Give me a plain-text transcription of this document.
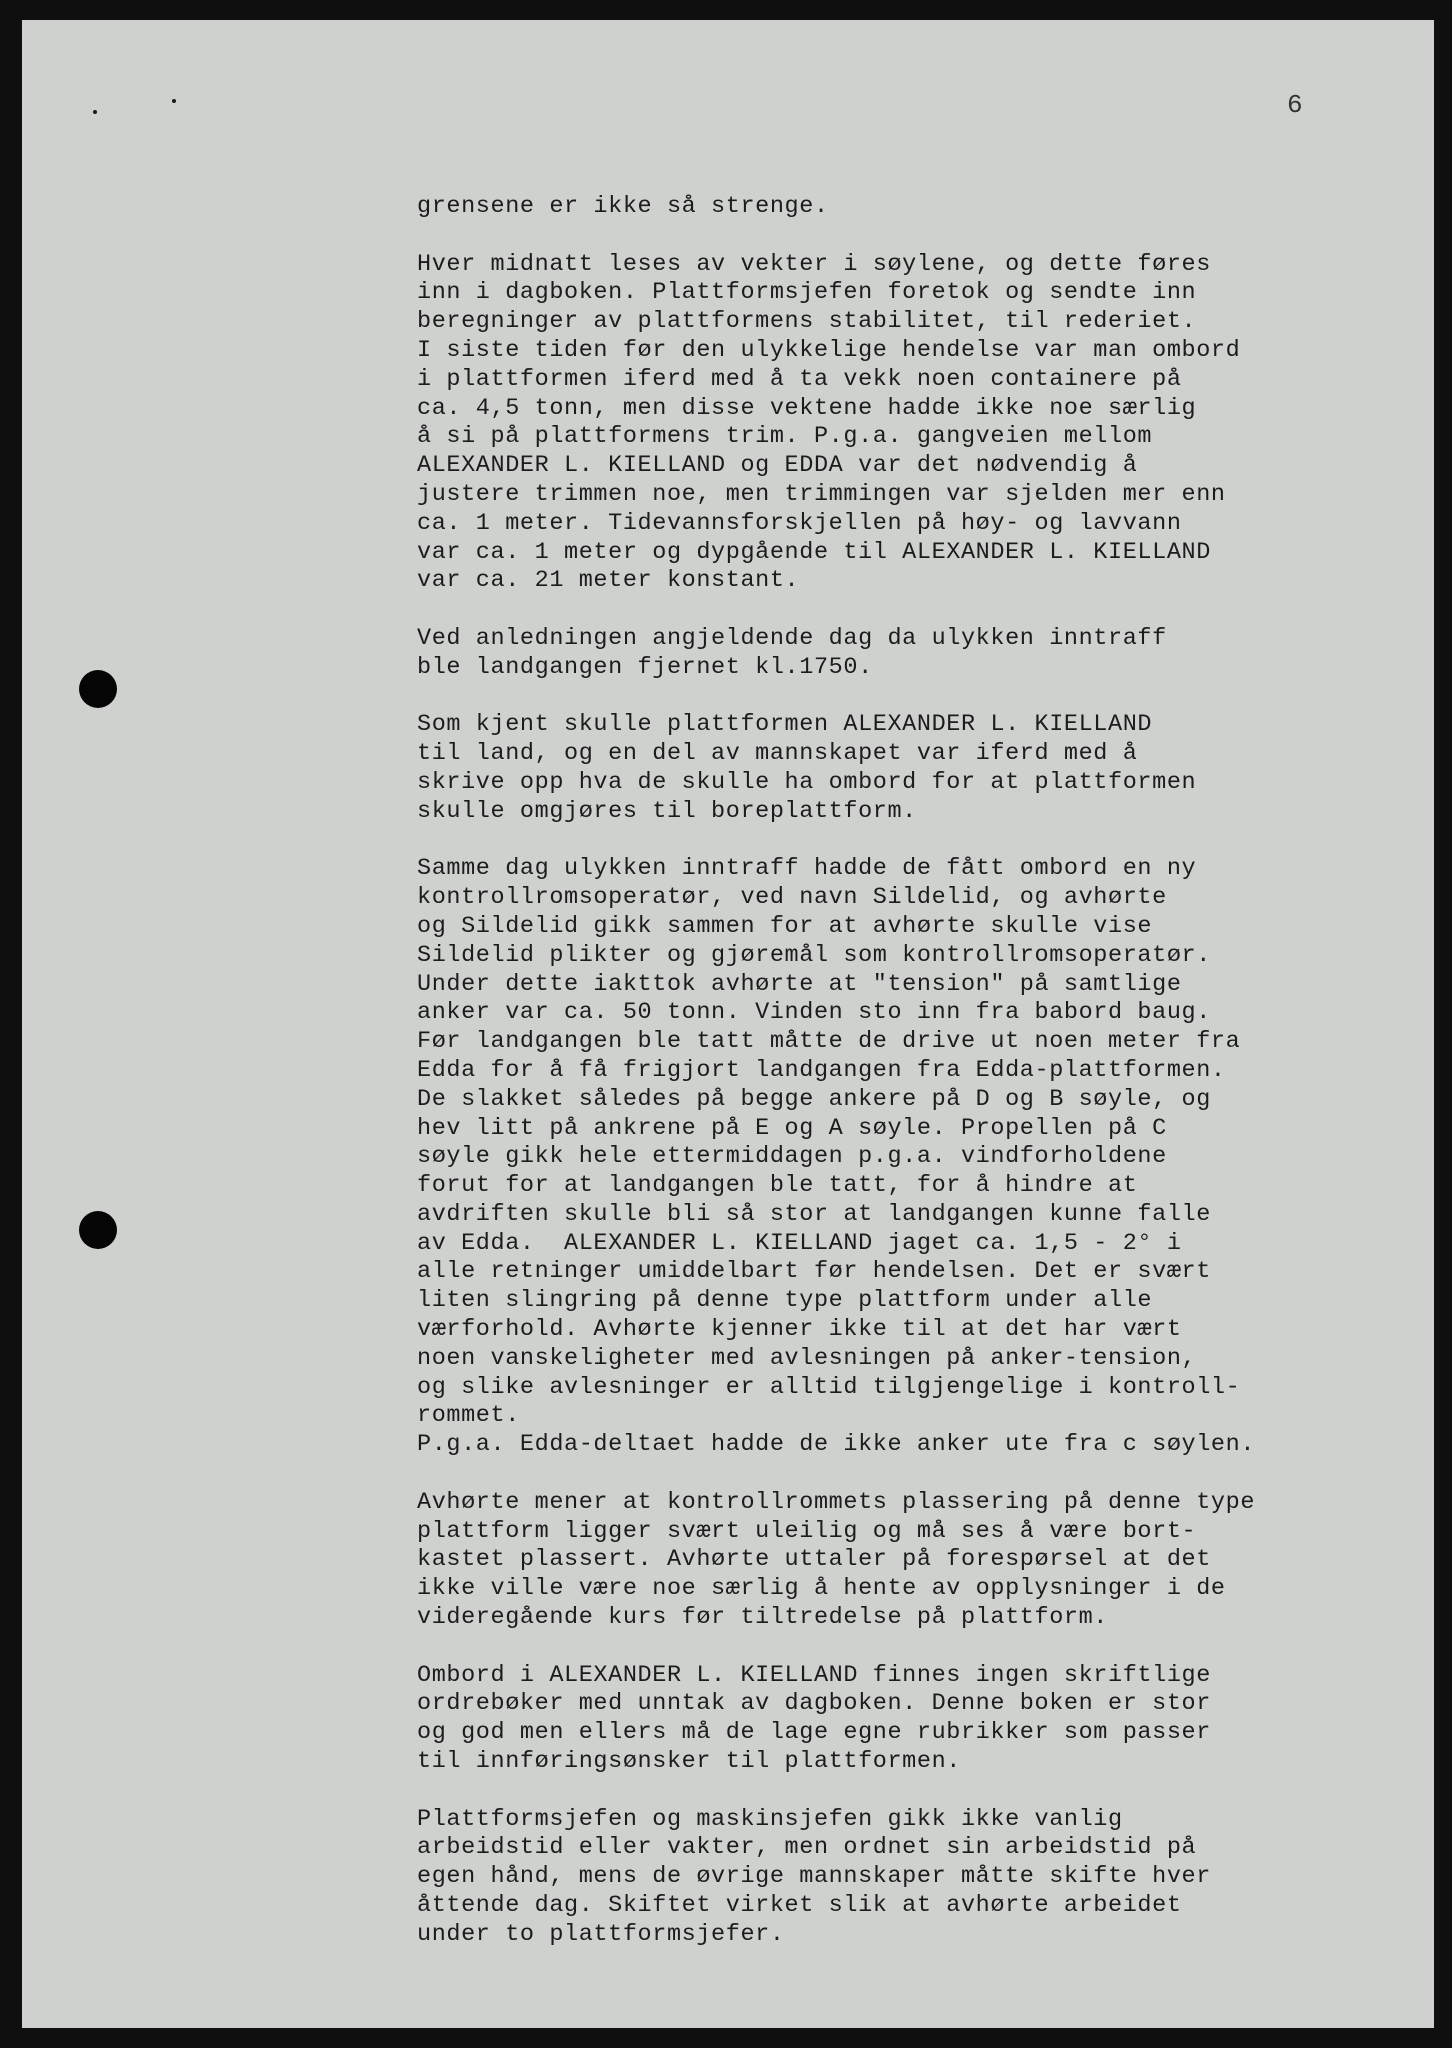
6
grensene er ikke så strenge.
Hver midnatt leses av vekter i søylene, og dette føres
inn i dagboken. Plattformsjefen foretok og sendte inn
beregninger av plattformens stabilitet, til rederiet.
I siste tiden før den ulykkelige hendelse var man ombord
i plattformen iferd med å ta vekk noen containere på
ca. 4,5 tonn, men disse vektene hadde ikke noe særlig
å si på plattformens trim. P.g.a. gangveien mellom
ALEXANDER L. KIELLAND og EDDA var det nødvendig å
justere trimmen noe, men trimmingen var sjelden mer enn
ca. 1 meter. Tidevannsforskjellen på høy- og lavvann
var ca. 1 meter og dypgående til ALEXANDER L. KIELLAND
var ca. 21 meter konstant.
Ved anledningen angjeldende dag da ulykken inntraff
ble landgangen fjernet kl.1750.
Som kjent skulle plattformen ALEXANDER L. KIELLAND
til land, og en del av mannskapet var iferd med å
skrive opp hva de skulle ha ombord for at plattformen
skulle omgjøres til boreplattform.
Samme dag ulykken inntraff hadde de fått ombord en ny
kontrollromsoperatør, ved navn Sildelid, og avhørte
og Sildelid gikk sammen for at avhørte skulle vise
Sildelid plikter og gjøremål som kontrollromsoperatør.
Under dette iakttok avhørte at "tension" på samtlige
anker var ca. 50 tonn. Vinden sto inn fra babord baug.
Før landgangen ble tatt måtte de drive ut noen meter fra
Edda for å få frigjort landgangen fra Edda-plattformen.
De slakket således på begge ankere på D og B søyle, og
hev litt på ankrene på E og A søyle. Propellen på C
søyle gikk hele ettermiddagen p.g.a. vindforholdene
forut for at landgangen ble tatt, for å hindre at
avdriften skulle bli så stor at landgangen kunne falle
av Edda.  ALEXANDER L. KIELLAND jaget ca. 1,5 - 2° i
alle retninger umiddelbart før hendelsen. Det er svært
liten slingring på denne type plattform under alle
værforhold. Avhørte kjenner ikke til at det har vært
noen vanskeligheter med avlesningen på anker-tension,
og slike avlesninger er alltid tilgjengelige i kontroll-
rommet.
P.g.a. Edda-deltaet hadde de ikke anker ute fra c søylen.
Avhørte mener at kontrollrommets plassering på denne type
plattform ligger svært uleilig og må ses å være bort-
kastet plassert. Avhørte uttaler på forespørsel at det
ikke ville være noe særlig å hente av opplysninger i de
videregående kurs før tiltredelse på plattform.
Ombord i ALEXANDER L. KIELLAND finnes ingen skriftlige
ordrebøker med unntak av dagboken. Denne boken er stor
og god men ellers må de lage egne rubrikker som passer
til innføringsønsker til plattformen.
Plattformsjefen og maskinsjefen gikk ikke vanlig
arbeidstid eller vakter, men ordnet sin arbeidstid på
egen hånd, mens de øvrige mannskaper måtte skifte hver
åttende dag. Skiftet virket slik at avhørte arbeidet
under to plattformsjefer.
